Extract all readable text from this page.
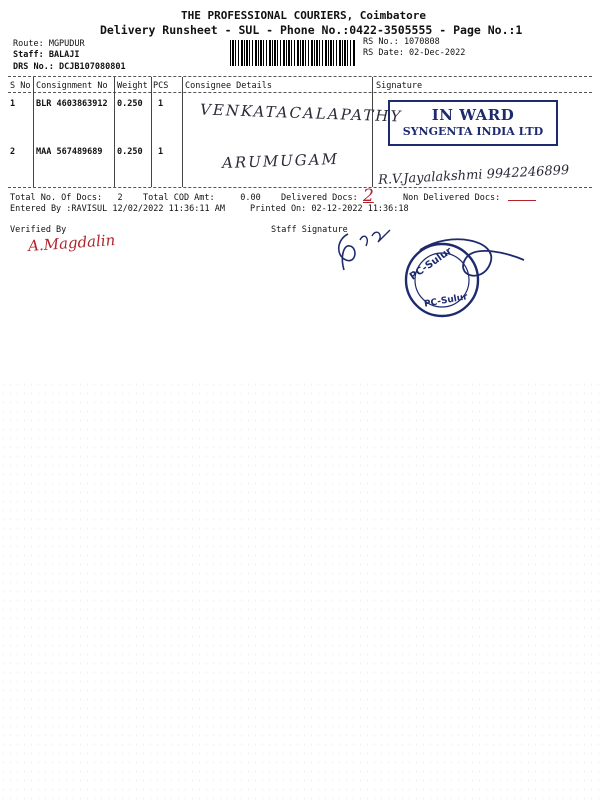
THE PROFESSIONAL COURIERS, Coimbatore
Delivery Runsheet - SUL - Phone No.:0422-3505555 - Page No.:1
Route: MGPUDUR
Staff: BALAJI
DRS No.: DCJB107080801
RS No.: 1070808
RS Date: 02-Dec-2022
S No Consignment No Weight PCS Consignee Details	Signature
1 BLR 4603863912 0.250 1 VENKATACALAPATHY
2 MAA 567489689 0.250 1	ARUMUGAM
R.V.Jayalakshmi 9942246899
IN WARD
SYNGENTA INDIA LTD
Total No. Of Docs:   2 Total COD Amt:     0.00 Delivered Docs: 2	Non Delivered Docs:
Entered By :RAVISUL 12/02/2022 11:36:11 AM	Printed On: 02-12-2022 11:36:18
Verified By
A.Magdalin
Staff Signature
PC-Sulur
PC-Sulur
